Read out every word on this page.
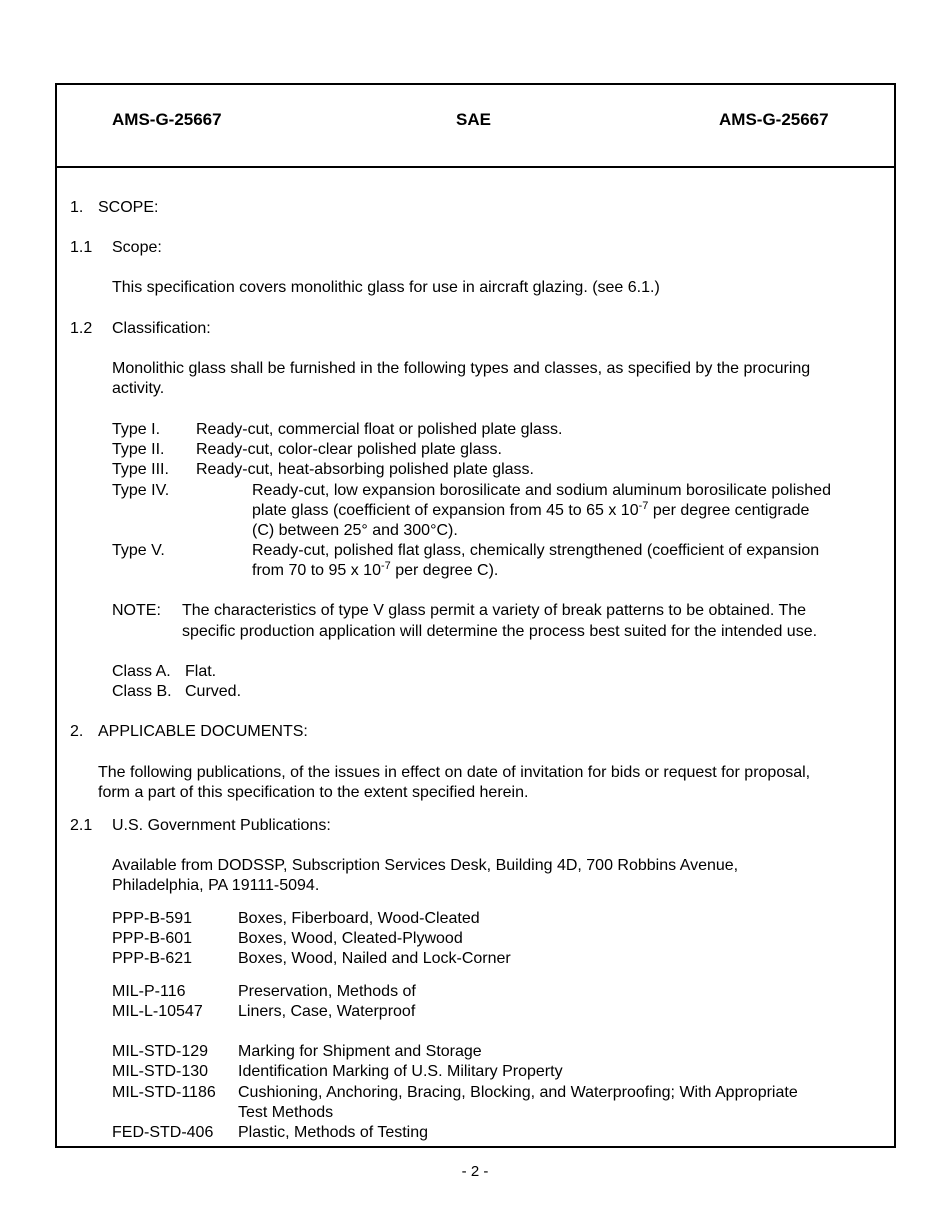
AMS-G-25667	SAE	AMS-G-25667
1. SCOPE:
1.1 Scope:
This specification covers monolithic glass for use in aircraft glazing. (see 6.1.)
1.2 Classification:
Monolithic glass shall be furnished in the following types and classes, as specified by the procuring
activity.
Type I. Ready-cut, commercial float or polished plate glass.
Type II. Ready-cut, color-clear polished plate glass.
Type III. Ready-cut, heat-absorbing polished plate glass.
Type IV.	Ready-cut, low expansion borosilicate and sodium aluminum borosilicate polished
plate glass (coefficient of expansion from 45 to 65 x $10^{-7}$ per degree centigrade
(C) between 25° and 300°C).
Type V.	Ready-cut, polished flat glass, chemically strengthened (coefficient of expansion
from 70 to 95 x $10^{-7}$ per degree C).
NOTE: The characteristics of type V glass permit a variety of break patterns to be obtained. The
specific production application will determine the process best suited for the intended use.
Class A. Flat.
Class B. Curved.
2. APPLICABLE DOCUMENTS:
The following publications, of the issues in effect on date of invitation for bids or request for proposal,
form a part of this specification to the extent specified herein.
2.1 U.S. Government Publications:
Available from DODSSP, Subscription Services Desk, Building 4D, 700 Robbins Avenue,
Philadelphia, PA 19111-5094.
PPP-B-591	Boxes, Fiberboard, Wood-Cleated
PPP-B-601	Boxes, Wood, Cleated-Plywood
PPP-B-621	Boxes, Wood, Nailed and Lock-Corner
MIL-P-116	Preservation, Methods of
MIL-L-10547 Liners, Case, Waterproof
MIL-STD-129 Marking for Shipment and Storage
MIL-STD-130 Identification Marking of U.S. Military Property
MIL-STD-1186 Cushioning, Anchoring, Bracing, Blocking, and Waterproofing; With Appropriate
Test Methods
FED-STD-406 Plastic, Methods of Testing
- 2 -
